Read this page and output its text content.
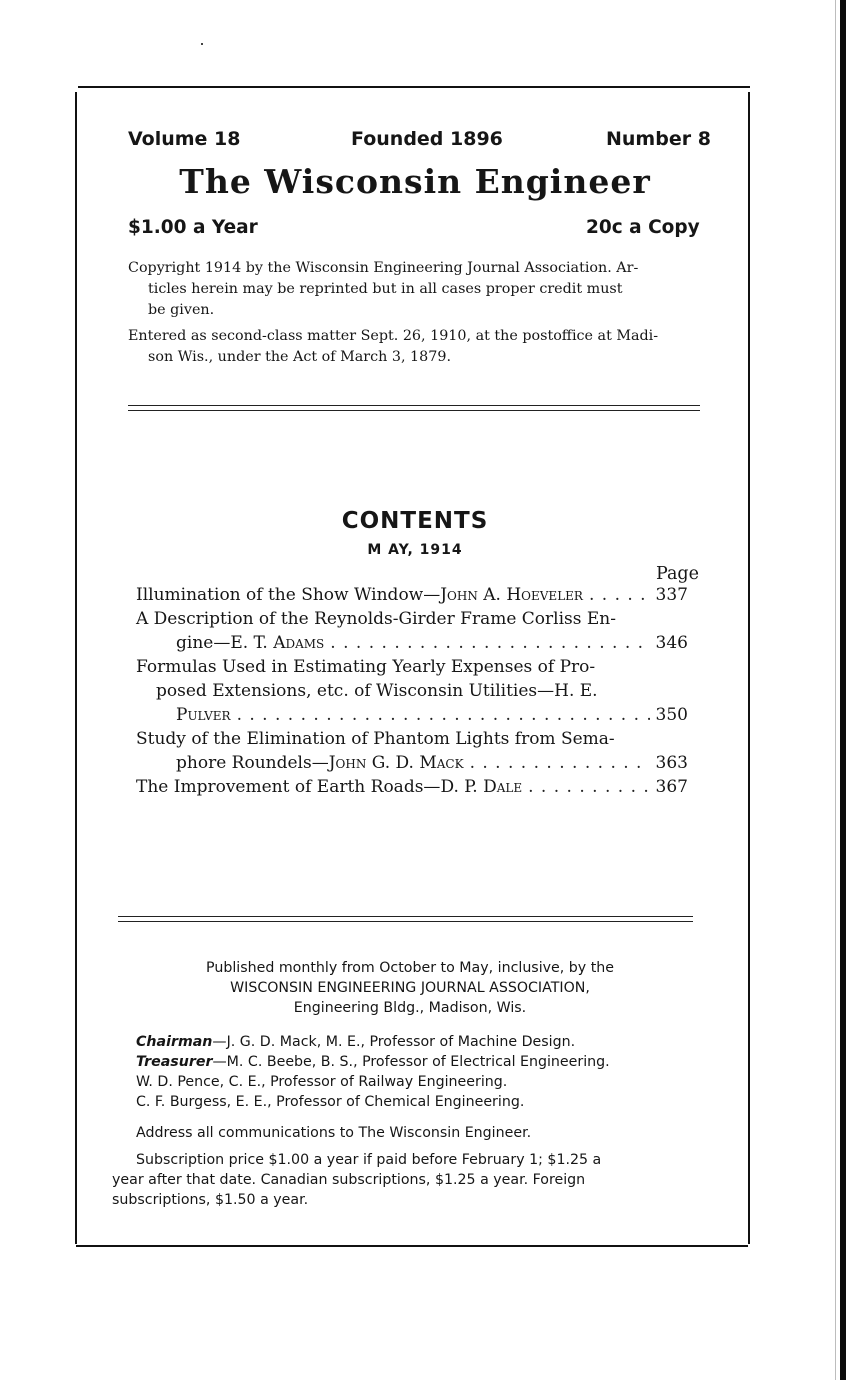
Volume 18	Founded 1896	Number 8
The Wisconsin Engineer
$1.00 a Year	20c a Copy
Copyright 1914 by the Wisconsin Engineering Journal Association. Ar-
ticles herein may be reprinted but in all cases proper credit must
be given.
Entered as second-class matter Sept. 26, 1910, at the postoffice at Madi-
son Wis., under the Act of March 3, 1879.
CONTENTS
M AY, 1914
Page
Illumination of the Show Window— John A. Hoeveler . . .	337
A Description of the Reynolds-Girder Frame Corliss En-
gine— E. T. Adams . . .	346
Formulas Used in Estimating Yearly Expenses of Pro-
posed Extensions, etc. of Wisconsin Utilities—H. E.
Pulver . . .	350
Study of the Elimination of Phantom Lights from Sema-
phore Roundels— John G. D. Mack . . .	363
The Improvement of Earth Roads— D. P. Dale . . .	367
Published monthly from October to May, inclusive, by the
WISCONSIN ENGINEERING JOURNAL ASSOCIATION,
Engineering Bldg., Madison, Wis.
Chairman—J. G. D. Mack, M. E., Professor of Machine Design.
Treasurer—M. C. Beebe, B. S., Professor of Electrical Engineering.
W. D. Pence, C. E., Professor of Railway Engineering.
C. F. Burgess, E. E., Professor of Chemical Engineering.
Address all communications to The Wisconsin Engineer.
Subscription price $1.00 a year if paid before February 1; $1.25 a
year after that date. Canadian subscriptions, $1.25 a year. Foreign
subscriptions, $1.50 a year.
